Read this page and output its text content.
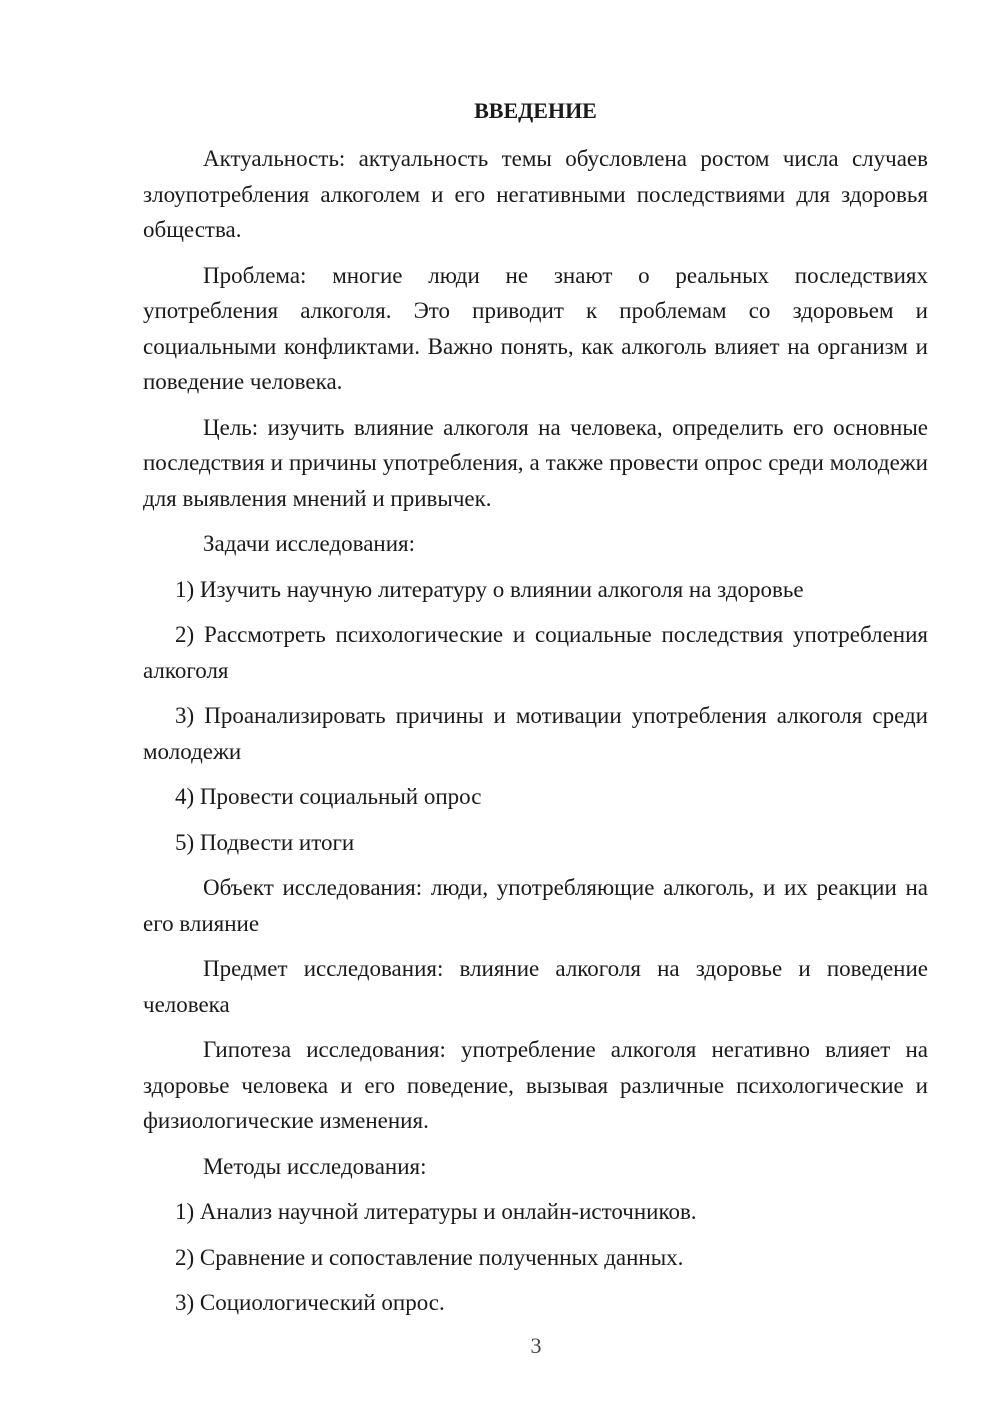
ВВЕДЕНИЕ

Актуальность: актуальность темы обусловлена ростом числа случаев злоупотребления алкоголем и его негативными последствиями для здоровья общества.

Проблема: многие люди не знают о реальных последствиях употребления алкоголя. Это приводит к проблемам со здоровьем и социальными конфликтами. Важно понять, как алкоголь влияет на организм и поведение человека.

Цель: изучить влияние алкоголя на человека, определить его основные последствия и причины употребления, а также провести опрос среди молодежи для выявления мнений и привычек.

Задачи исследования:

1) Изучить научную литературу о влиянии алкоголя на здоровье

2) Рассмотреть психологические и социальные последствия употребления алкоголя

3) Проанализировать причины и мотивации употребления алкоголя среди молодежи

4) Провести социальный опрос

5) Подвести итоги

Объект исследования: люди, употребляющие алкоголь, и их реакции на его влияние

Предмет исследования: влияние алкоголя на здоровье и поведение человека

Гипотеза исследования: употребление алкоголя негативно влияет на здоровье человека и его поведение, вызывая различные психологические и физиологические изменения.

Методы исследования:

1) Анализ научной литературы и онлайн-источников.

2) Сравнение и сопоставление полученных данных.

3) Социологический опрос.

3
